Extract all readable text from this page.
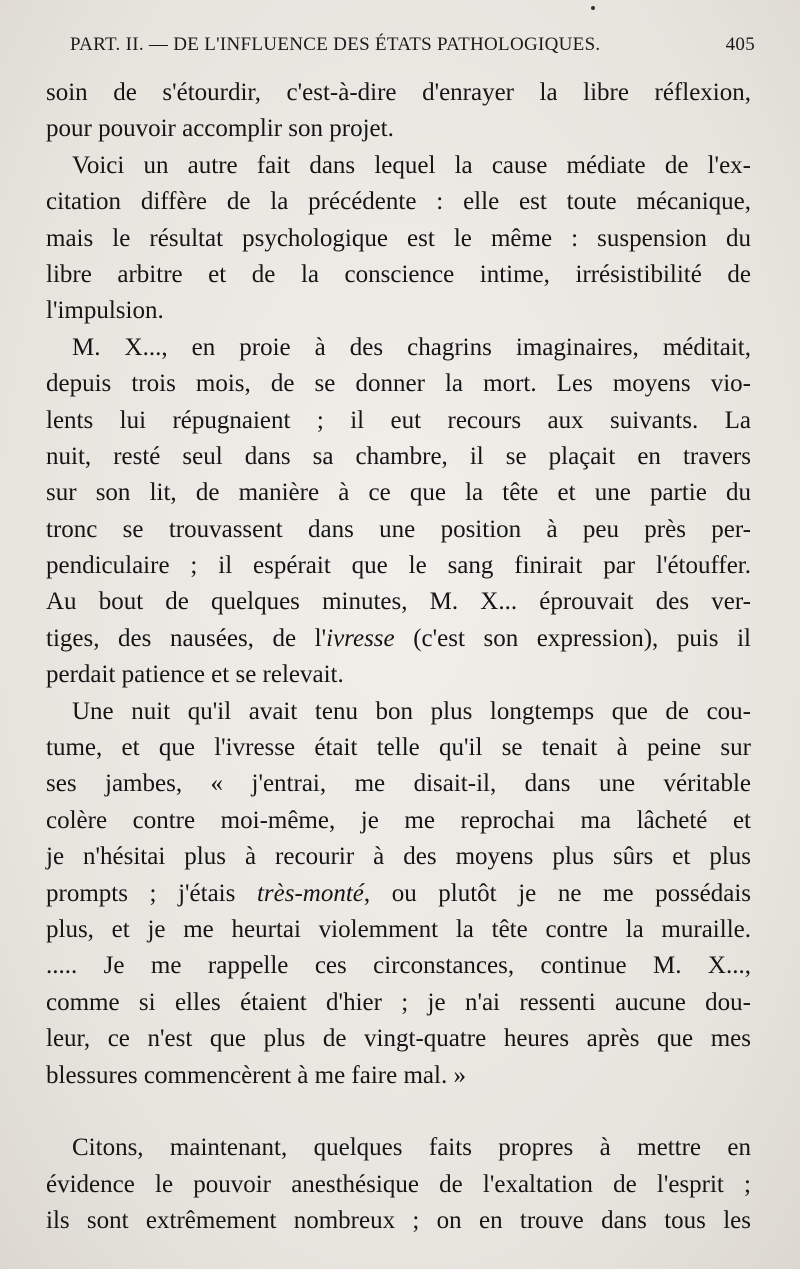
PART. II. — DE L'INFLUENCE DES ÉTATS PATHOLOGIQUES.	405
soin de s'étourdir, c'est-à-dire d'enrayer la libre réflexion,
pour pouvoir accomplir son projet.
Voici un autre fait dans lequel la cause médiate de l'ex-
citation diffère de la précédente : elle est toute mécanique,
mais le résultat psychologique est le même : suspension du
libre arbitre et de la conscience intime, irrésistibilité de
l'impulsion.
M. X..., en proie à des chagrins imaginaires, méditait,
depuis trois mois, de se donner la mort. Les moyens vio-
lents lui répugnaient ; il eut recours aux suivants. La
nuit, resté seul dans sa chambre, il se plaçait en travers
sur son lit, de manière à ce que la tête et une partie du
tronc se trouvassent dans une position à peu près per-
pendiculaire ; il espérait que le sang finirait par l'étouffer.
Au bout de quelques minutes, M. X... éprouvait des ver-
tiges, des nausées, de l'ivresse (c'est son expression), puis il
perdait patience et se relevait.
Une nuit qu'il avait tenu bon plus longtemps que de cou-
tume, et que l'ivresse était telle qu'il se tenait à peine sur
ses jambes, « j'entrai, me disait-il, dans une véritable
colère contre moi-même, je me reprochai ma lâcheté et
je n'hésitai plus à recourir à des moyens plus sûrs et plus
prompts ; j'étais très-monté, ou plutôt je ne me possédais
plus, et je me heurtai violemment la tête contre la muraille.
..... Je me rappelle ces circonstances, continue M. X...,
comme si elles étaient d'hier ; je n'ai ressenti aucune dou-
leur, ce n'est que plus de vingt-quatre heures après que mes
blessures commencèrent à me faire mal. »
Citons, maintenant, quelques faits propres à mettre en
évidence le pouvoir anesthésique de l'exaltation de l'esprit ;
ils sont extrêmement nombreux ; on en trouve dans tous les
